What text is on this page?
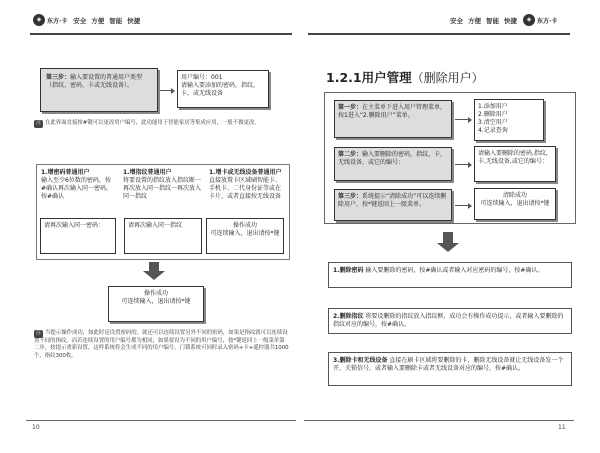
◈ 东方·卡 安全 方便 智能 快捷
第三步：输入要设置的普通用户类型（指纹、密码、卡或无线设备）。
用户编号：001
请输入要添加的密码，指纹，卡，或无线设备
注 在此界面直接按#键可以更改用户编号，此功能用于智能家居等集成应用，一般不做更改。
1.增密码普通用户
输入至少6位数的密码，按#确认再次输入同一密码，按#确认
1.增指纹普通用户
将要设置的指纹放入指纹断一再次放入同一指纹一再次放入同一指纹
1.增卡或无线设备普通用户
直接放置卡区域刷智能卡、手机卡、二代身份证等或在卡片，或者直接按无线设备
请再次输入同一密码：	请再次输入同一指纹	操作成功
可连续输入，退出请按*键
操作成功
可连续输入，退出请按*键
注 当提示操作成功，如此时是设置密码的，就还可以连续设置另外不同的密码，如果是指纹就可以连续设置不同的指纹，而若连续设置的用户编号都为相同，如果要设为不同的用户编号，按*键返回上一级菜单第二步，按提示重新设置，这样系统将会生成不同的用户编号。门锁系统可同时录入密码+卡+遥控器共1000个，指纹300枚。
10
安全 方便 智能 快捷	◈ 东方·卡
1.2.1用户管理（删除用户）
第一步：在主菜单下进入用户管理菜单，按1进入“2.删除用户”菜单。
1.添加用户
2.删除用户
3.清空用户
4.记录查询
第二步：输入要删除的密码，指纹，卡，无线设备，或它的编号：
请输入要删除的密码,指纹,卡,无线设备,或它的编号：
第三步：系统提示“清除成功”可以连续删除用户，按*键返回上一级菜单。
清除成功
可连续输入，退出请按*键
1.删除密码 输入要删除的密码，按#确认或者输入对应密码的编号，按#确认。
2.删除指纹 将要设删除的指纹放入指纹框，成功会有操作成功提示，或者输入要删除的指纹对应的编号，按#确认。
3.删除卡和无线设备 直接在刷卡区域将要删除的卡，删除无线设备就让无线设备发一个开，关锁信号，或者输入要删除卡或者无线设备对应的编号，按#确认。
11
